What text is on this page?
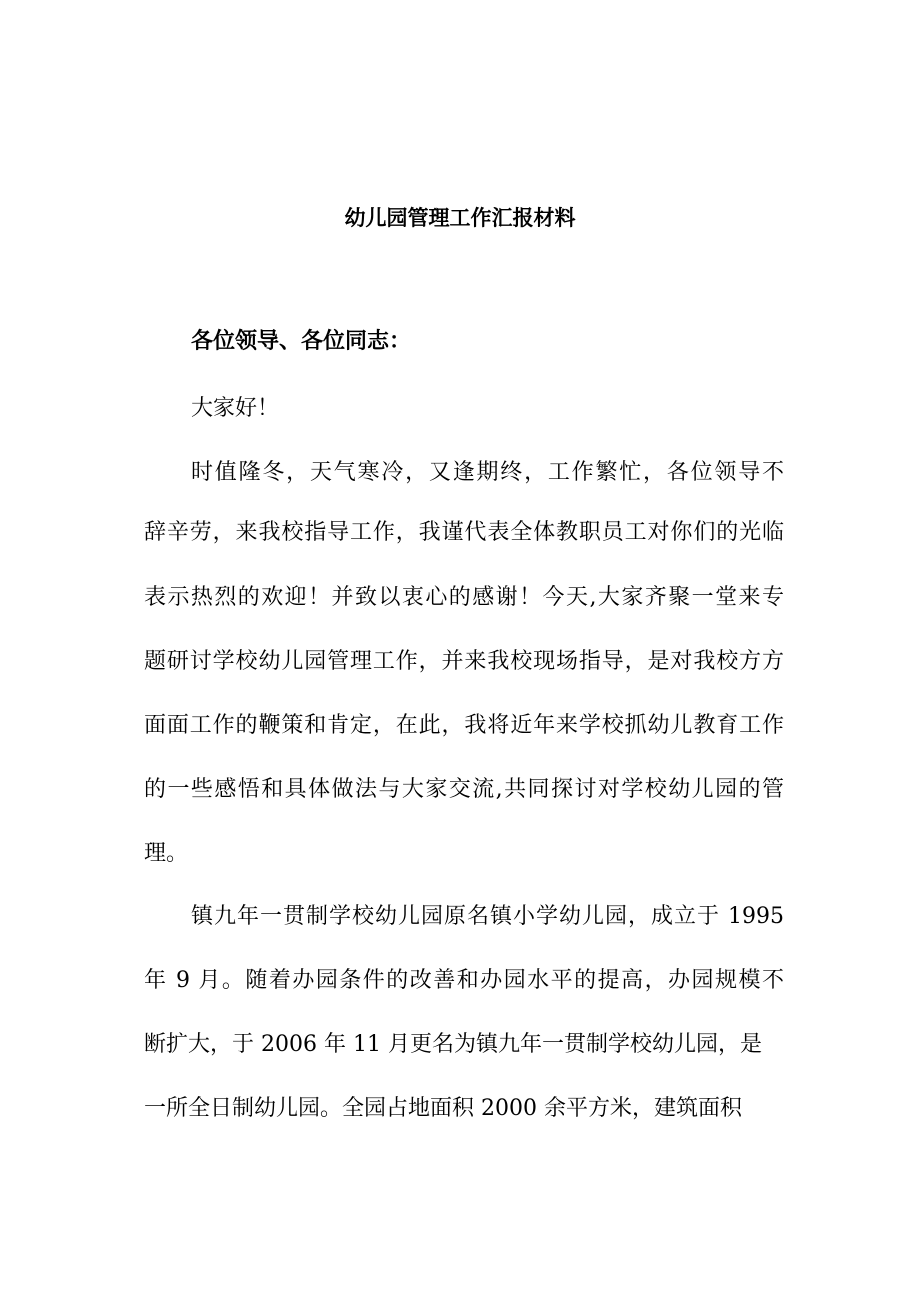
幼儿园管理工作汇报材料
各位领导、各位同志：
大家好！
时值隆冬，天气寒冷，又逢期终，工作繁忙，各位领导不
辞辛劳，来我校指导工作，我谨代表全体教职员工对你们的光临
表示热烈的欢迎！并致以衷心的感谢！今天,大家齐聚一堂来专
题研讨学校幼儿园管理工作，并来我校现场指导，是对我校方方
面面工作的鞭策和肯定，在此，我将近年来学校抓幼儿教育工作
的一些感悟和具体做法与大家交流,共同探讨对学校幼儿园的管
理。
镇九年一贯制学校幼儿园原名镇小学幼儿园，成立于 1995
年 9 月。随着办园条件的改善和办园水平的提高，办园规模不
断扩大，于 2006 年 11 月更名为镇九年一贯制学校幼儿园，是
一所全日制幼儿园。全园占地面积 2000 余平方米，建筑面积
